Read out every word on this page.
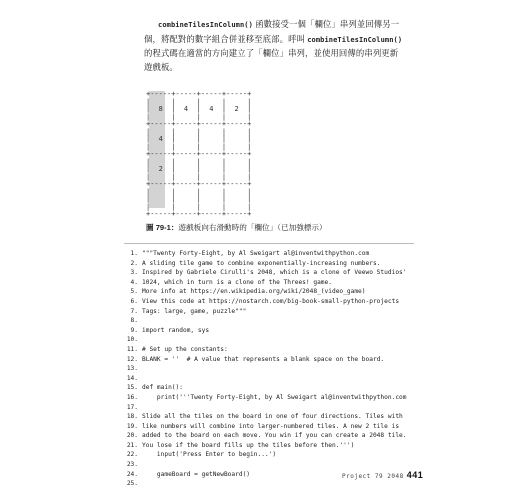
combineTilesInColumn() 函數接受一個「欄位」串列並回傳另一個，將配對的數字組合併並移至底部。呼叫 combineTilesInColumn() 的程式碼在適當的方向建立了「欄位」串列，並使用回傳的串列更新遊戲板。

+-----+-----+-----+-----+
|     |     |     |     |
|  8  |  4  |  4  |  2  |
|     |     |     |     |
+-----+-----+-----+-----+
|     |     |     |     |
|  4  |     |     |     |
|     |     |     |     |
+-----+-----+-----+-----+
|     |     |     |     |
|  2  |     |     |     |
|     |     |     |     |
+-----+-----+-----+-----+
|     |     |     |     |
|     |     |     |     |
|     |     |     |     |
+-----+-----+-----+-----+
圖 79-1：遊戲板向右滑動時的「欄位」（已加強標示）
1. """Twenty Forty-Eight, by Al Sweigart al@inventwithpython.com
2. A sliding tile game to combine exponentially-increasing numbers.
3. Inspired by Gabriele Cirulli's 2048, which is a clone of Veewo Studios'
4. 1024, which in turn is a clone of the Threes! game.
5. More info at https://en.wikipedia.org/wiki/2048_(video_game)
6. View this code at https://nostarch.com/big-book-small-python-projects
7. Tags: large, game, puzzle"""
8.
9. import random, sys
10.
11. # Set up the constants:
12. BLANK = ''  # A value that represents a blank space on the board.
13.
14.
15. def main():
16.    print('''Twenty Forty-Eight, by Al Sweigart al@inventwithpython.com
17.
18. Slide all the tiles on the board in one of four directions. Tiles with
19. like numbers will combine into larger-numbered tiles. A new 2 tile is
20. added to the board on each move. You win if you can create a 2048 tile.
21. You lose if the board fills up the tiles before then.''')
22.    input('Press Enter to begin...')
23.
24.    gameBoard = getNewBoard()
25.
Project 79 2048 441
